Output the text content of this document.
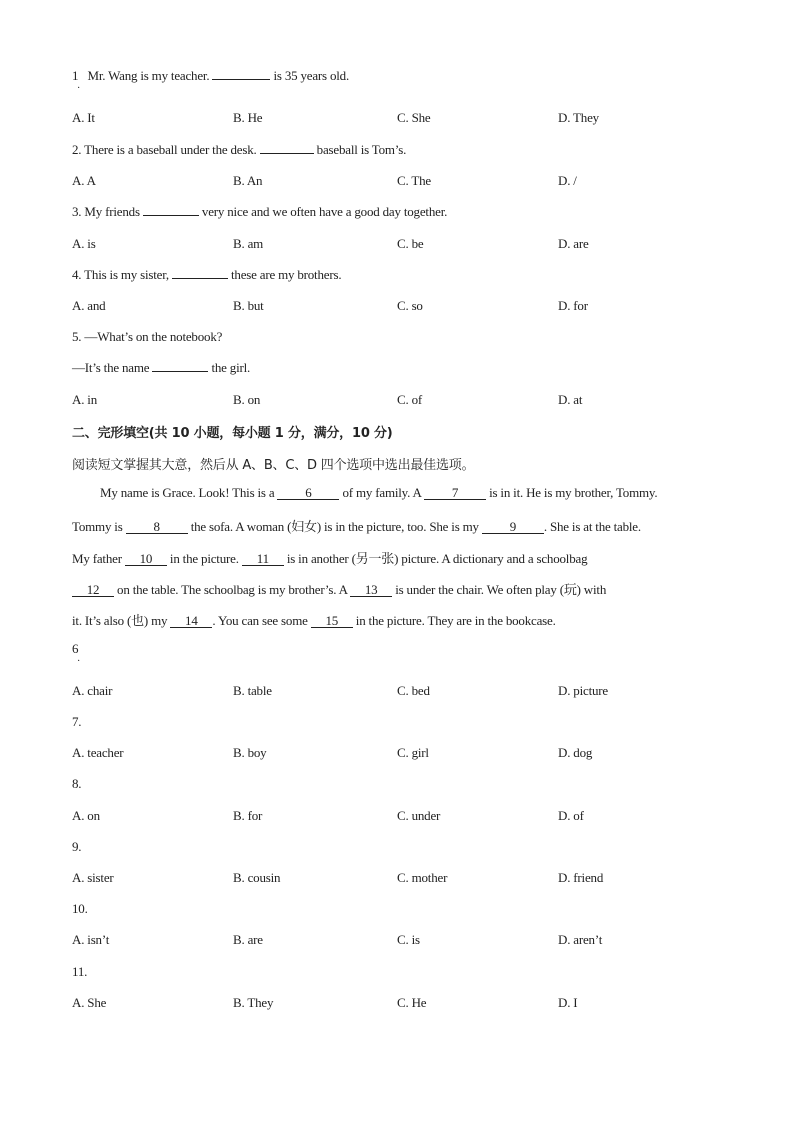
1 Mr. Wang is my teacher.	is 35 years old.
·
A. It	B. He	C. She	D. They
2. There is a baseball under the desk.	baseball is Tom’s.
A. A	B. An	C. The	D. /
3. My friends	very nice and we often have a good day together.
A. is	B. am	C. be	D. are
4. This is my sister,	these are my brothers.
A. and	B. but	C. so	D. for
5. —What’s on the notebook?
—It’s the name	the girl.
A. in	B. on	C. of	D. at
二、完形填空(共 10 小题，每小题 1 分，满分，10 分)
阅读短文掌握其大意，然后从 A、B、C、D 四个选项中选出最佳选项。
My name is Grace. Look! This is a 6 of my family. A 7 is in it. He is my brother, Tommy.
Tommy is 8 the sofa. A woman (妇女) is in the picture, too. She is my 9 . She is at the table.
My father 10 in the picture. 11 is in another (另一张) picture. A dictionary and a schoolbag
12 on the table. The schoolbag is my brother’s. A 13 is under the chair. We often play (玩) with
it. It’s also (也) my 14 . You can see some 15 in the picture. They are in the bookcase.
6
·
A. chair	B. table	C. bed	D. picture
7.
A. teacher	B. boy	C. girl	D. dog
8.
A. on	B. for	C. under	D. of
9.
A. sister	B. cousin	C. mother	D. friend
10.
A. isn’t	B. are	C. is	D. aren’t
11.
A. She	B. They	C. He	D. I
